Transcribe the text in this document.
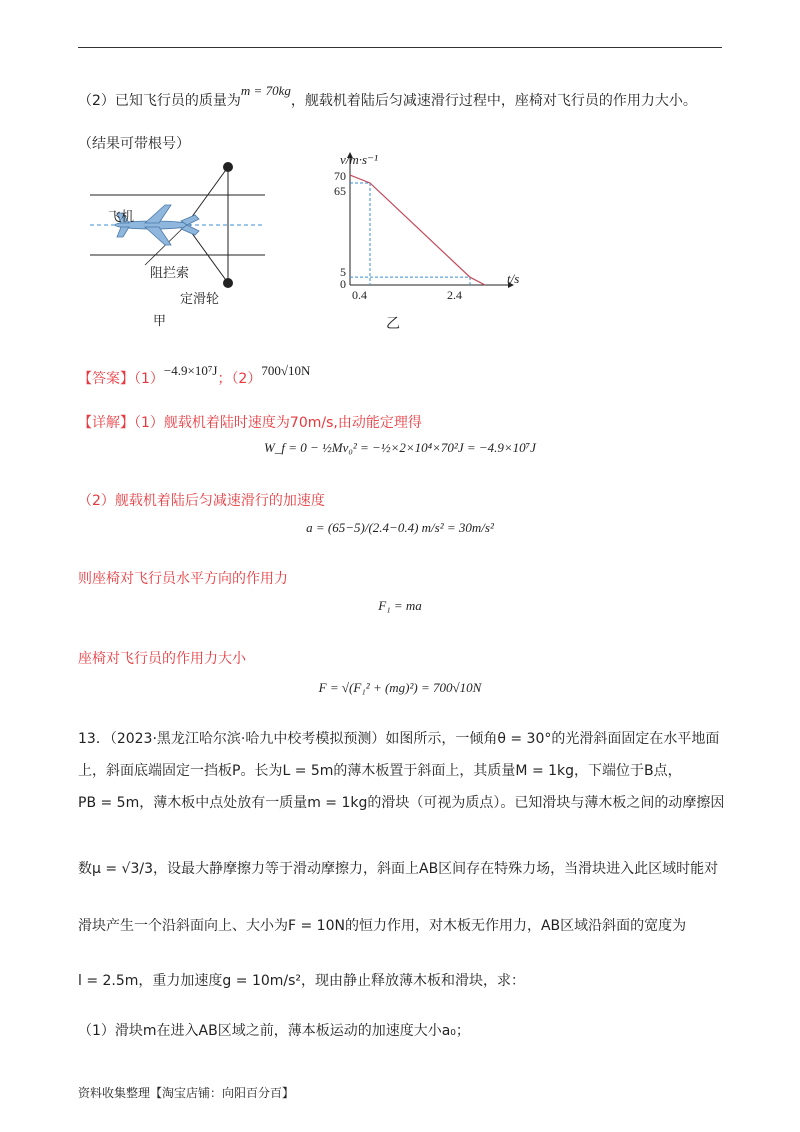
（2）已知飞行员的质量为m = 70kg，舰载机着陆后匀减速滑行过程中，座椅对飞行员的作用力大小。
（结果可带根号）
飞机
阻拦索
定滑轮
甲
v/m·s⁻¹
t/s
0.4	2.4
0
5
65
70
乙
【答案】（1）−4.9×10⁷J；（2）700√10N
【详解】（1）舰载机着陆时速度为70m/s,由动能定理得
W_f = 0 − ½Mv₀² = −½×2×10⁴×70²J = −4.9×10⁷J
（2）舰载机着陆后匀减速滑行的加速度
a = (65−5)/(2.4−0.4) m/s² = 30m/s²
则座椅对飞行员水平方向的作用力
F₁ = ma
座椅对飞行员的作用力大小
F = √(F₁² + (mg)²) = 700√10N
13．（2023·黑龙江哈尔滨·哈九中校考模拟预测）如图所示，一倾角θ = 30°的光滑斜面固定在水平地面
上，斜面底端固定一挡板P。长为L = 5m的薄木板置于斜面上，其质量M = 1kg，下端位于B点，
PB = 5m，薄木板中点处放有一质量m = 1kg的滑块（可视为质点）。已知滑块与薄木板之间的动摩擦因
数μ = √3/3，设最大静摩擦力等于滑动摩擦力，斜面上AB区间存在特殊力场，当滑块进入此区域时能对
滑块产生一个沿斜面向上、大小为F = 10N的恒力作用，对木板无作用力，AB区域沿斜面的宽度为
l = 2.5m，重力加速度g = 10m/s²，现由静止释放薄木板和滑块，求：
（1）滑块m在进入AB区域之前，薄本板运动的加速度大小a₀；
资料收集整理【淘宝店铺：向阳百分百】
